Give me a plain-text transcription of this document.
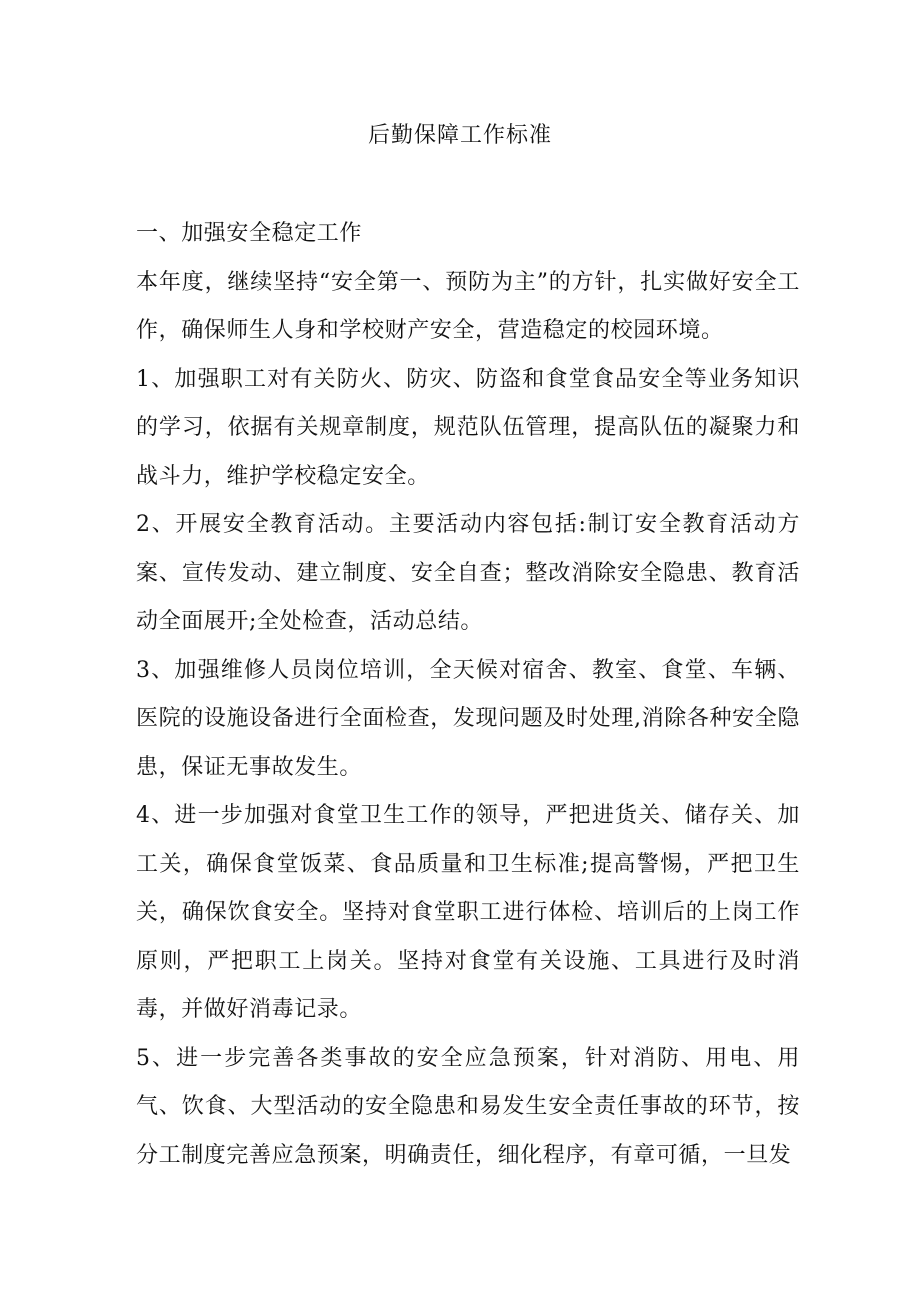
后勤保障工作标准

一、加强安全稳定工作

本年度，继续坚持“安全第一、预防为主”的方针，扎实做好安全工作，确保师生人身和学校财产安全，营造稳定的校园环境。

1、加强职工对有关防火、防灾、防盗和食堂食品安全等业务知识的学习，依据有关规章制度，规范队伍管理，提高队伍的凝聚力和战斗力，维护学校稳定安全。

2、开展安全教育活动。主要活动内容包括:制订安全教育活动方案、宣传发动、建立制度、安全自查；整改消除安全隐患、教育活动全面展开;全处检查，活动总结。

3、加强维修人员岗位培训，全天候对宿舍、教室、食堂、车辆、医院的设施设备进行全面检查，发现问题及时处理,消除各种安全隐患，保证无事故发生。

4、进一步加强对食堂卫生工作的领导，严把进货关、储存关、加工关，确保食堂饭菜、食品质量和卫生标准;提高警惕，严把卫生关，确保饮食安全。坚持对食堂职工进行体检、培训后的上岗工作原则，严把职工上岗关。坚持对食堂有关设施、工具进行及时消毒，并做好消毒记录。

5、进一步完善各类事故的安全应急预案，针对消防、用电、用气、饮食、大型活动的安全隐患和易发生安全责任事故的环节，按分工制度完善应急预案，明确责任，细化程序，有章可循，一旦发
